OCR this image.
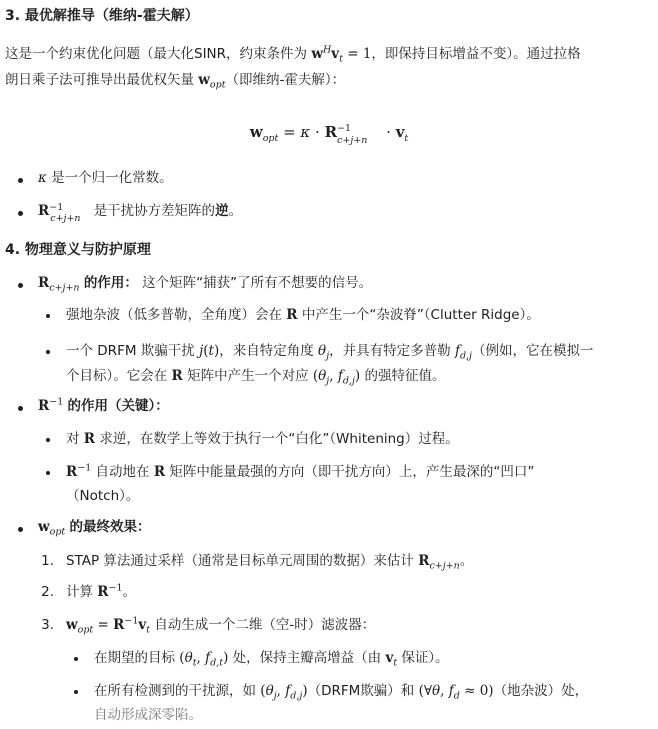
3. 最优解推导（维纳-霍夫解）
这是一个约束优化问题（最大化SINR，约束条件为 $w^Hv_t = 1$，即保持目标增益不变）。通过拉格
朗日乘子法可推导出最优权矢量 $w_{opt}$（即维纳-霍夫解）：
$w_{opt} = \kappa \cdot R_{-1c+j+n} \cdot v_t$
κ 是一个归一化常数。
$R_{-1c+j+n}$ 是干扰协方差矩阵的逆。
4. 物理意义与防护原理
$R_{c+j+n}$ 的作用： 这个矩阵“捕获”了所有不想要的信号。
强地杂波（低多普勒，全角度）会在 R 中产生一个“杂波脊”（Clutter Ridge）。
一个 DRFM 欺骗干扰 j(t)，来自特定角度 $\theta_j$，并具有特定多普勒 $f_{d,j}$（例如，它在模拟一
个目标）。它会在 R 矩阵中产生一个对应 ($\theta_j$, $f_{d,j}$) 的强特征值。
$R^{-1}$ 的作用（关键）：
对 R 求逆，在数学上等效于执行一个“白化”（Whitening）过程。
$R^{-1}$ 自动地在 R 矩阵中能量最强的方向（即干扰方向）上，产生最深的“凹口”
（Notch）。
$w_{opt}$ 的最终效果：
1. STAP 算法通过采样（通常是目标单元周围的数据）来估计 $R_{c+j+n}$。
2. 计算 $R^{-1}$。
3. $w_{opt} = R^{-1}v_t$ 自动生成一个二维（空-时）滤波器：
在期望的目标 ($\theta_t$, $f_{d,t}$) 处，保持主瓣高增益（由 $v_t$ 保证）。
在所有检测到的干扰源，如 ($\theta_j$, $f_{d,j})(DRFM$欺骗）和 (∀θ, $f_d \approx 0$)（地杂波）处，
自动形成深零陷。
